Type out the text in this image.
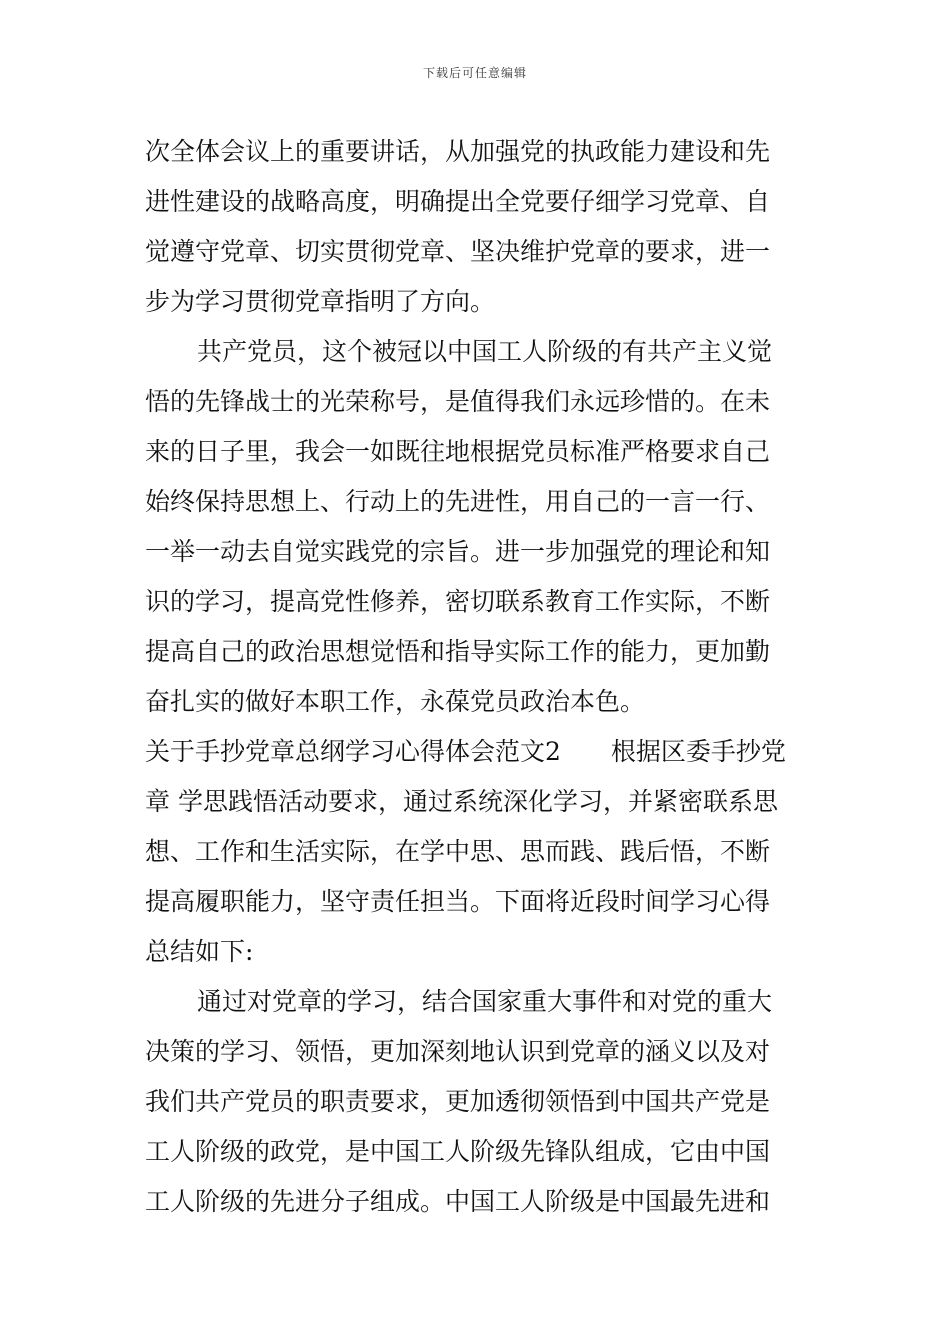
下载后可任意编辑
次全体会议上的重要讲话，从加强党的执政能力建设和先
进性建设的战略高度，明确提出全党要仔细学习党章、自
觉遵守党章、切实贯彻党章、坚决维护党章的要求，进一
步为学习贯彻党章指明了方向。
共产党员，这个被冠以中国工人阶级的有共产主义觉
悟的先锋战士的光荣称号，是值得我们永远珍惜的。在未
来的日子里，我会一如既往地根据党员标准严格要求自己
始终保持思想上、行动上的先进性，用自己的一言一行、
一举一动去自觉实践党的宗旨。进一步加强党的理论和知
识的学习，提高党性修养，密切联系教育工作实际，不断
提高自己的政治思想觉悟和指导实际工作的能力，更加勤
奋扎实的做好本职工作，永葆党员政治本色。
关于手抄党章总纲学习心得体会范文2　　根据区委手抄党
章 学思践悟活动要求，通过系统深化学习，并紧密联系思
想、工作和生活实际，在学中思、思而践、践后悟，不断
提高履职能力，坚守责任担当。下面将近段时间学习心得
总结如下:
通过对党章的学习，结合国家重大事件和对党的重大
决策的学习、领悟，更加深刻地认识到党章的涵义以及对
我们共产党员的职责要求，更加透彻领悟到中国共产党是
工人阶级的政党，是中国工人阶级先锋队组成，它由中国
工人阶级的先进分子组成。中国工人阶级是中国最先进和
